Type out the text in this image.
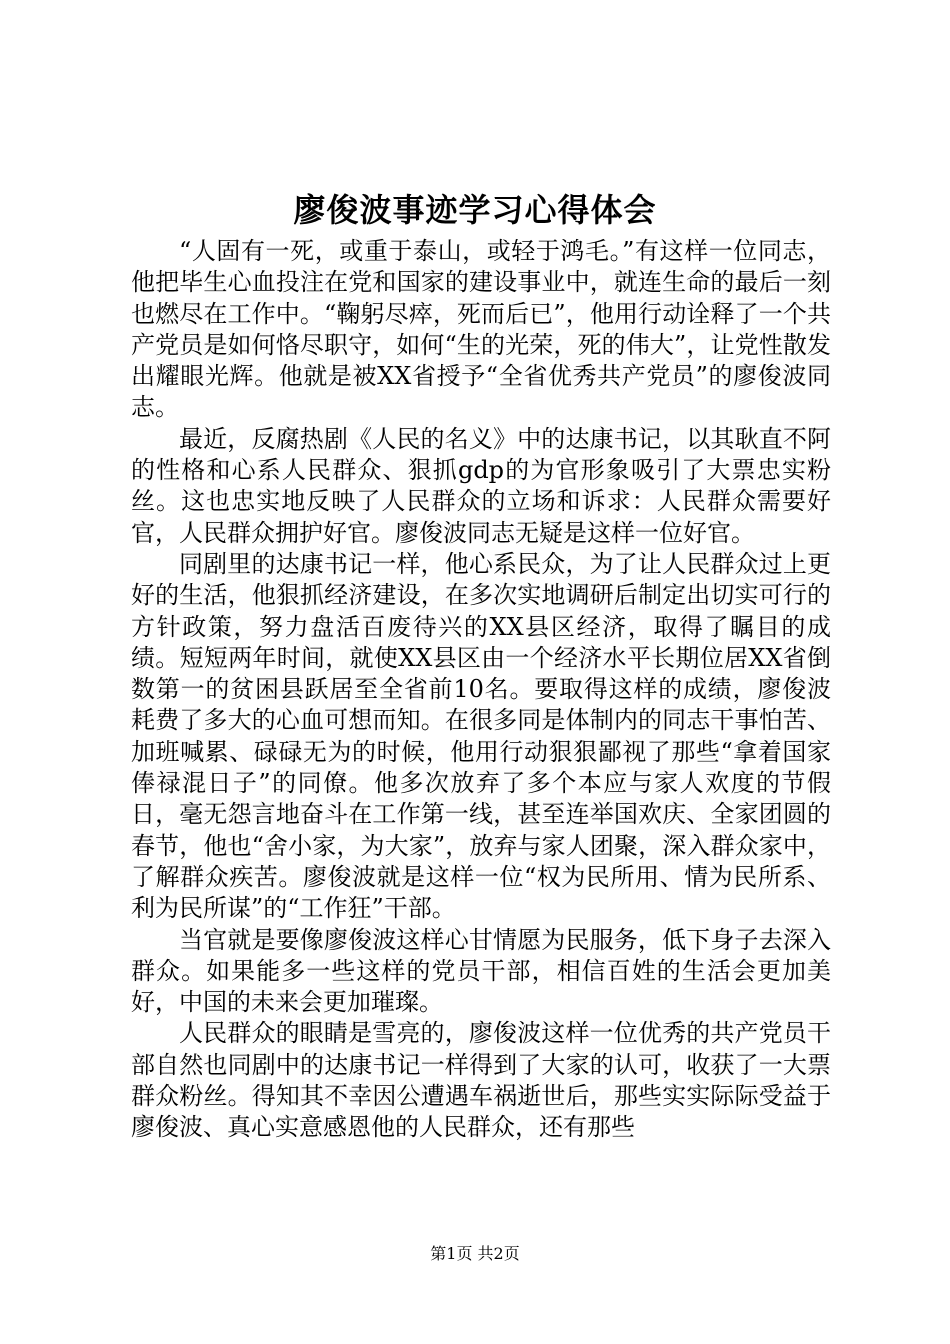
廖俊波事迹学习心得体会

“人固有一死，或重于泰山，或轻于鸿毛。”有这样一位同志，他把毕生心血投注在党和国家的建设事业中，就连生命的最后一刻也燃尽在工作中。“鞠躬尽瘁，死而后已”，他用行动诠释了一个共产党员是如何恪尽职守，如何“生的光荣，死的伟大”，让党性散发出耀眼光辉。他就是被XX省授予“全省优秀共产党员”的廖俊波同志。

最近，反腐热剧《人民的名义》中的达康书记，以其耿直不阿的性格和心系人民群众、狠抓gdp的为官形象吸引了大票忠实粉丝。这也忠实地反映了人民群众的立场和诉求：人民群众需要好官，人民群众拥护好官。廖俊波同志无疑是这样一位好官。

同剧里的达康书记一样，他心系民众，为了让人民群众过上更好的生活，他狠抓经济建设，在多次实地调研后制定出切实可行的方针政策，努力盘活百废待兴的XX县区经济，取得了瞩目的成绩。短短两年时间，就使XX县区由一个经济水平长期位居XX省倒数第一的贫困县跃居至全省前10名。要取得这样的成绩，廖俊波耗费了多大的心血可想而知。在很多同是体制内的同志干事怕苦、加班喊累、碌碌无为的时候，他用行动狠狠鄙视了那些“拿着国家俸禄混日子”的同僚。他多次放弃了多个本应与家人欢度的节假日，毫无怨言地奋斗在工作第一线，甚至连举国欢庆、全家团圆的春节，他也“舍小家，为大家”，放弃与家人团聚，深入群众家中，了解群众疾苦。廖俊波就是这样一位“权为民所用、情为民所系、利为民所谋”的“工作狂”干部。

当官就是要像廖俊波这样心甘情愿为民服务，低下身子去深入群众。如果能多一些这样的党员干部，相信百姓的生活会更加美好，中国的未来会更加璀璨。

人民群众的眼睛是雪亮的，廖俊波这样一位优秀的共产党员干部自然也同剧中的达康书记一样得到了大家的认可，收获了一大票群众粉丝。得知其不幸因公遭遇车祸逝世后，那些实实际际受益于廖俊波、真心实意感恩他的人民群众，还有那些

第1页 共2页
